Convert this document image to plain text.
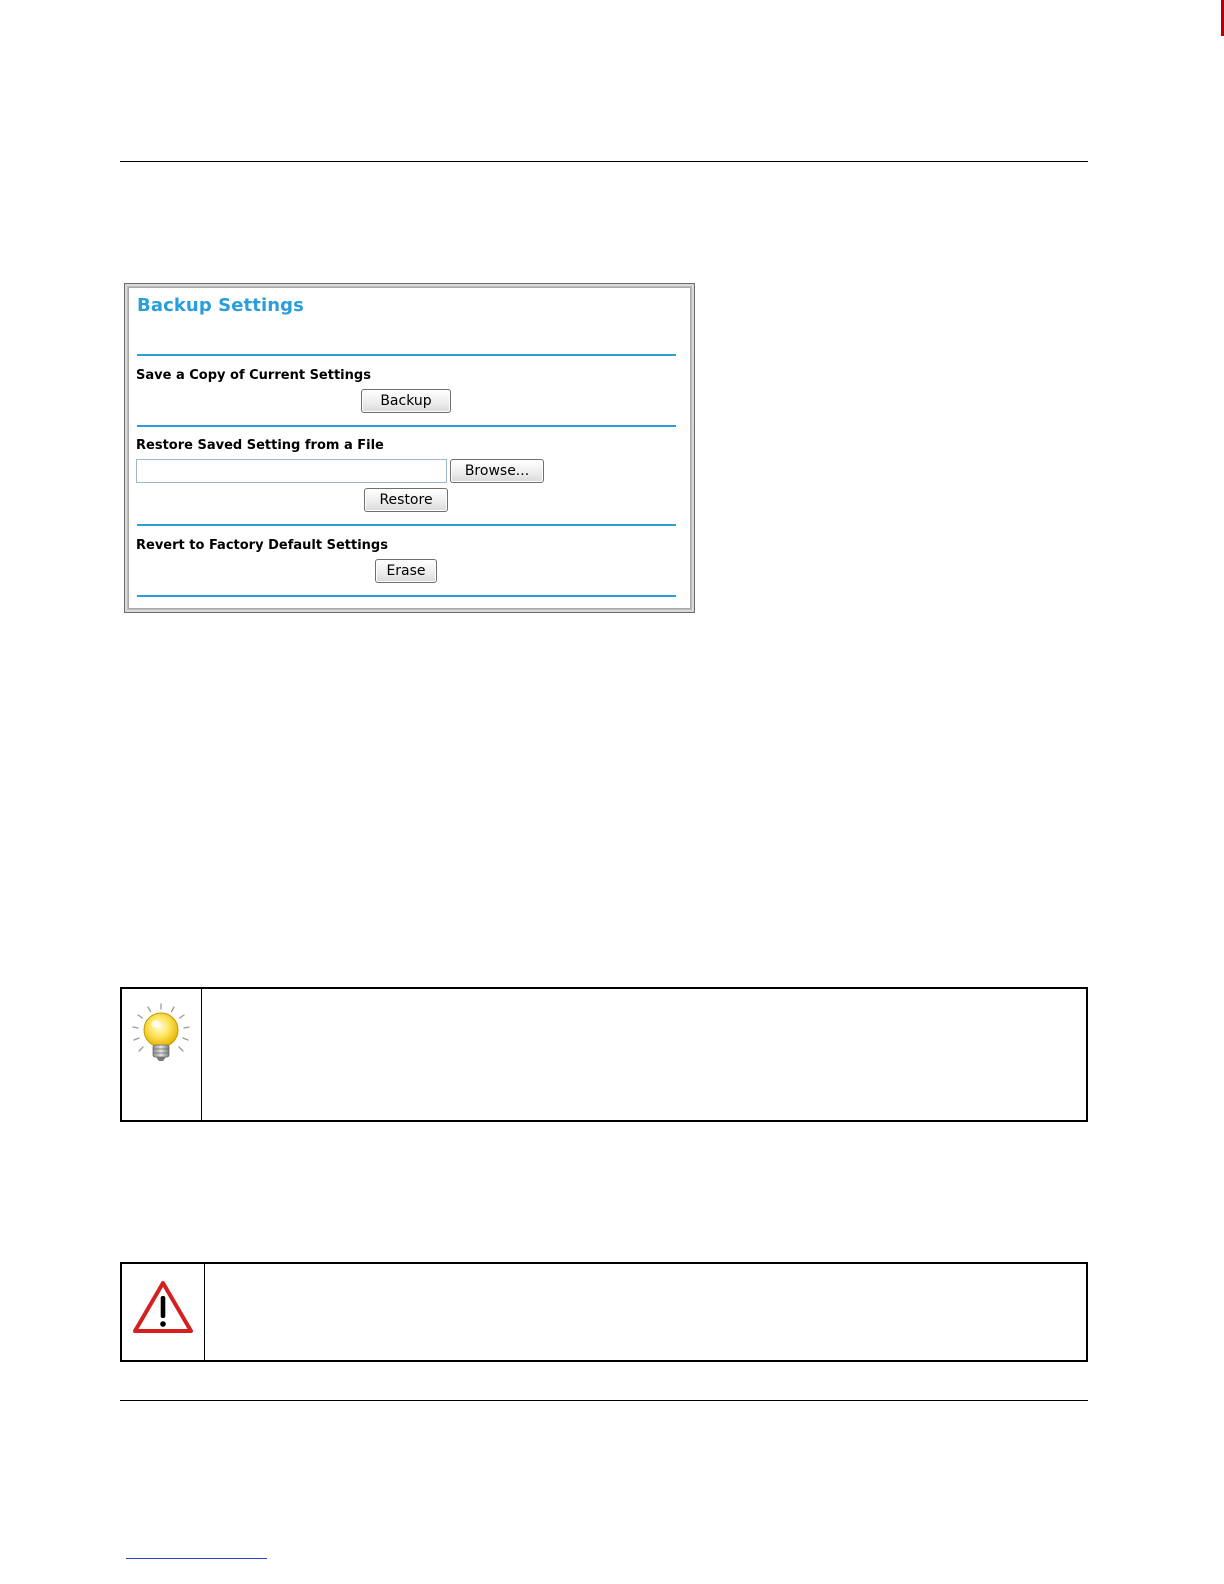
Backup Settings
Save a Copy of Current Settings
Backup
Restore Saved Setting from a File
Browse...
Restore
Revert to Factory Default Settings
Erase
